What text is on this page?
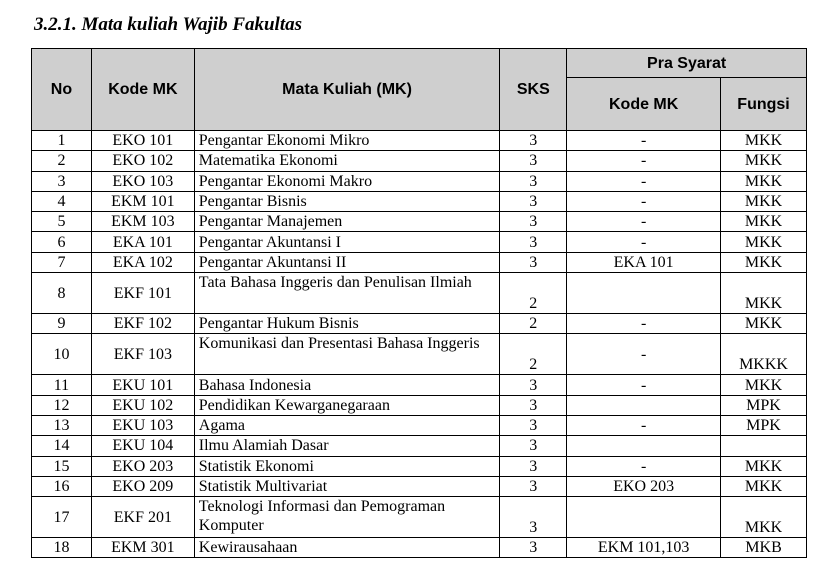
3.2.1. Mata kuliah Wajib Fakultas
No	Kode MK	Mata Kuliah (MK)	SKS	Pra Syarat	
				Kode MK	Fungsi
1	EKO 101	Pengantar Ekonomi Mikro	3	-	MKK
2	EKO 102	Matematika Ekonomi	3	-	MKK
3	EKO 103	Pengantar Ekonomi Makro	3	-	MKK
4	EKM 101	Pengantar Bisnis	3	-	MKK
5	EKM 103	Pengantar Manajemen	3	-	MKK
6	EKA 101	Pengantar Akuntansi I	3	-	MKK
7	EKA 102	Pengantar Akuntansi II	3	EKA 101	MKK
8	EKF 101	Tata Bahasa Inggeris dan Penulisan Ilmiah	2		MKK
9	EKF 102	Pengantar Hukum Bisnis	2	-	MKK
10	EKF 103	Komunikasi dan Presentasi Bahasa Inggeris	2	-	MKKK
11	EKU 101	Bahasa Indonesia	3	-	MKK
12	EKU 102	Pendidikan Kewarganegaraan	3		MPK
13	EKU 103	Agama	3	-	MPK
14	EKU 104	Ilmu Alamiah Dasar	3		
15	EKO 203	Statistik Ekonomi	3	-	MKK
16	EKO 209	Statistik Multivariat	3	EKO 203	MKK
17	EKF 201	Teknologi Informasi dan Pemograman Komputer	3		MKK
18	EKM 301	Kewirausahaan	3	EKM 101,103	MKB
